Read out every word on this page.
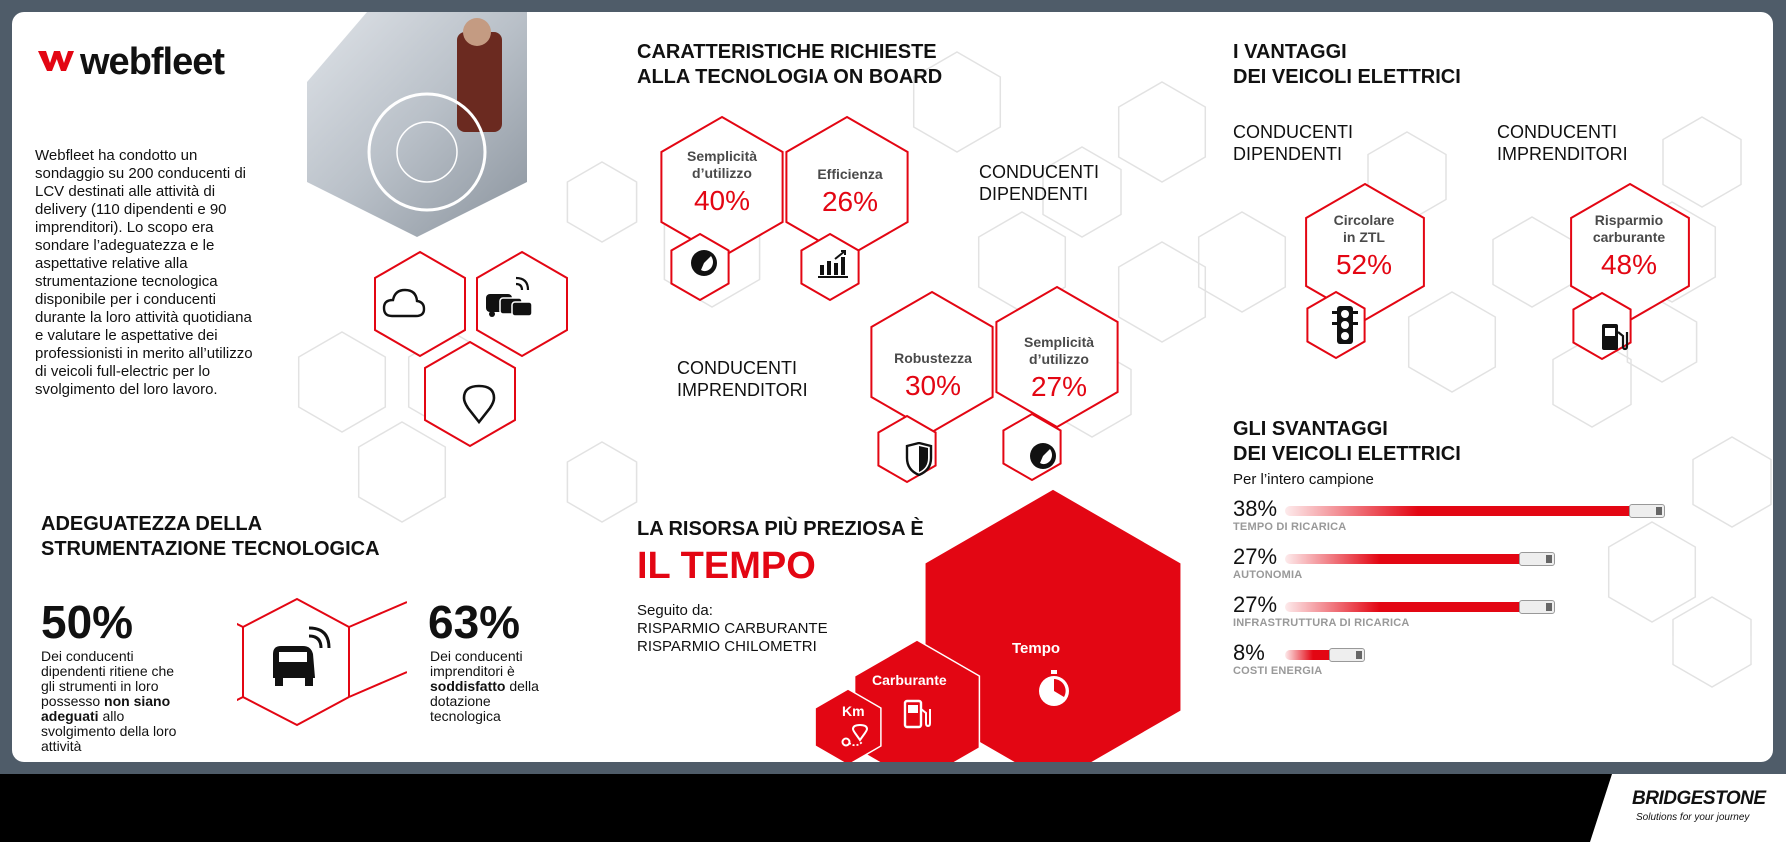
webfleet
Webfleet ha condotto un sondaggio su 200 conducenti di LCV destinati alle attività di delivery (110 dipendenti e 90 imprenditori). Lo scopo era sondare l’adeguatezza e le aspettative relative alla strumentazione tecnologica disponibile per i conducenti durante la loro attività quotidiana e valutare le aspettative dei professionisti in merito all’utilizzo di veicoli full-electric per lo svolgimento del loro lavoro.
ADEGUATEZZA DELLA
STRUMENTAZIONE TECNOLOGICA
50%
Dei conducenti dipendenti ritiene che gli strumenti in loro possesso non siano adeguati allo svolgimento della loro attività
63%
Dei conducenti imprenditori è soddisfatto della dotazione tecnologica
CARATTERISTICHE RICHIESTE
ALLA TECNOLOGIA ON BOARD
CONDUCENTI
DIPENDENTI
CONDUCENTI
IMPRENDITORI
Semplicità
d’utilizzo
40%
Efficienza
26%
Robustezza
30%
Semplicità
d’utilizzo
27%
LA RISORSA PIÙ PREZIOSA È
IL TEMPO
Seguito da:
RISPARMIO CARBURANTE
RISPARMIO CHILOMETRI	Tempo
Carburante
Km
I VANTAGGI
DEI VEICOLI ELETTRICI
CONDUCENTI
DIPENDENTI
CONDUCENTI
IMPRENDITORI
Circolare
in ZTL
52%
Risparmio
carburante
48%
GLI SVANTAGGI
DEI VEICOLI ELETTRICI
Per l’intero campione
38%
TEMPO DI RICARICA
27%
AUTONOMIA
27%
INFRASTRUTTURA DI RICARICA
8%
COSTI ENERGIA
METODO DI RICERCA
Le statistiche utilizzate in questa infografica derivano da un’indagine svolta a febbraio e marzo 2023 su 200 driver di LCV destinati alle attività di delivery.
Il sondaggio è stato condotto in collaborazione con Kaos Marketing. Le interviste si sono svolte principalmente a Milano, in area urbana, e in quota minore, on line presso Gruppi di driver in target.
BRIDGESTONE
Solutions for your journey
